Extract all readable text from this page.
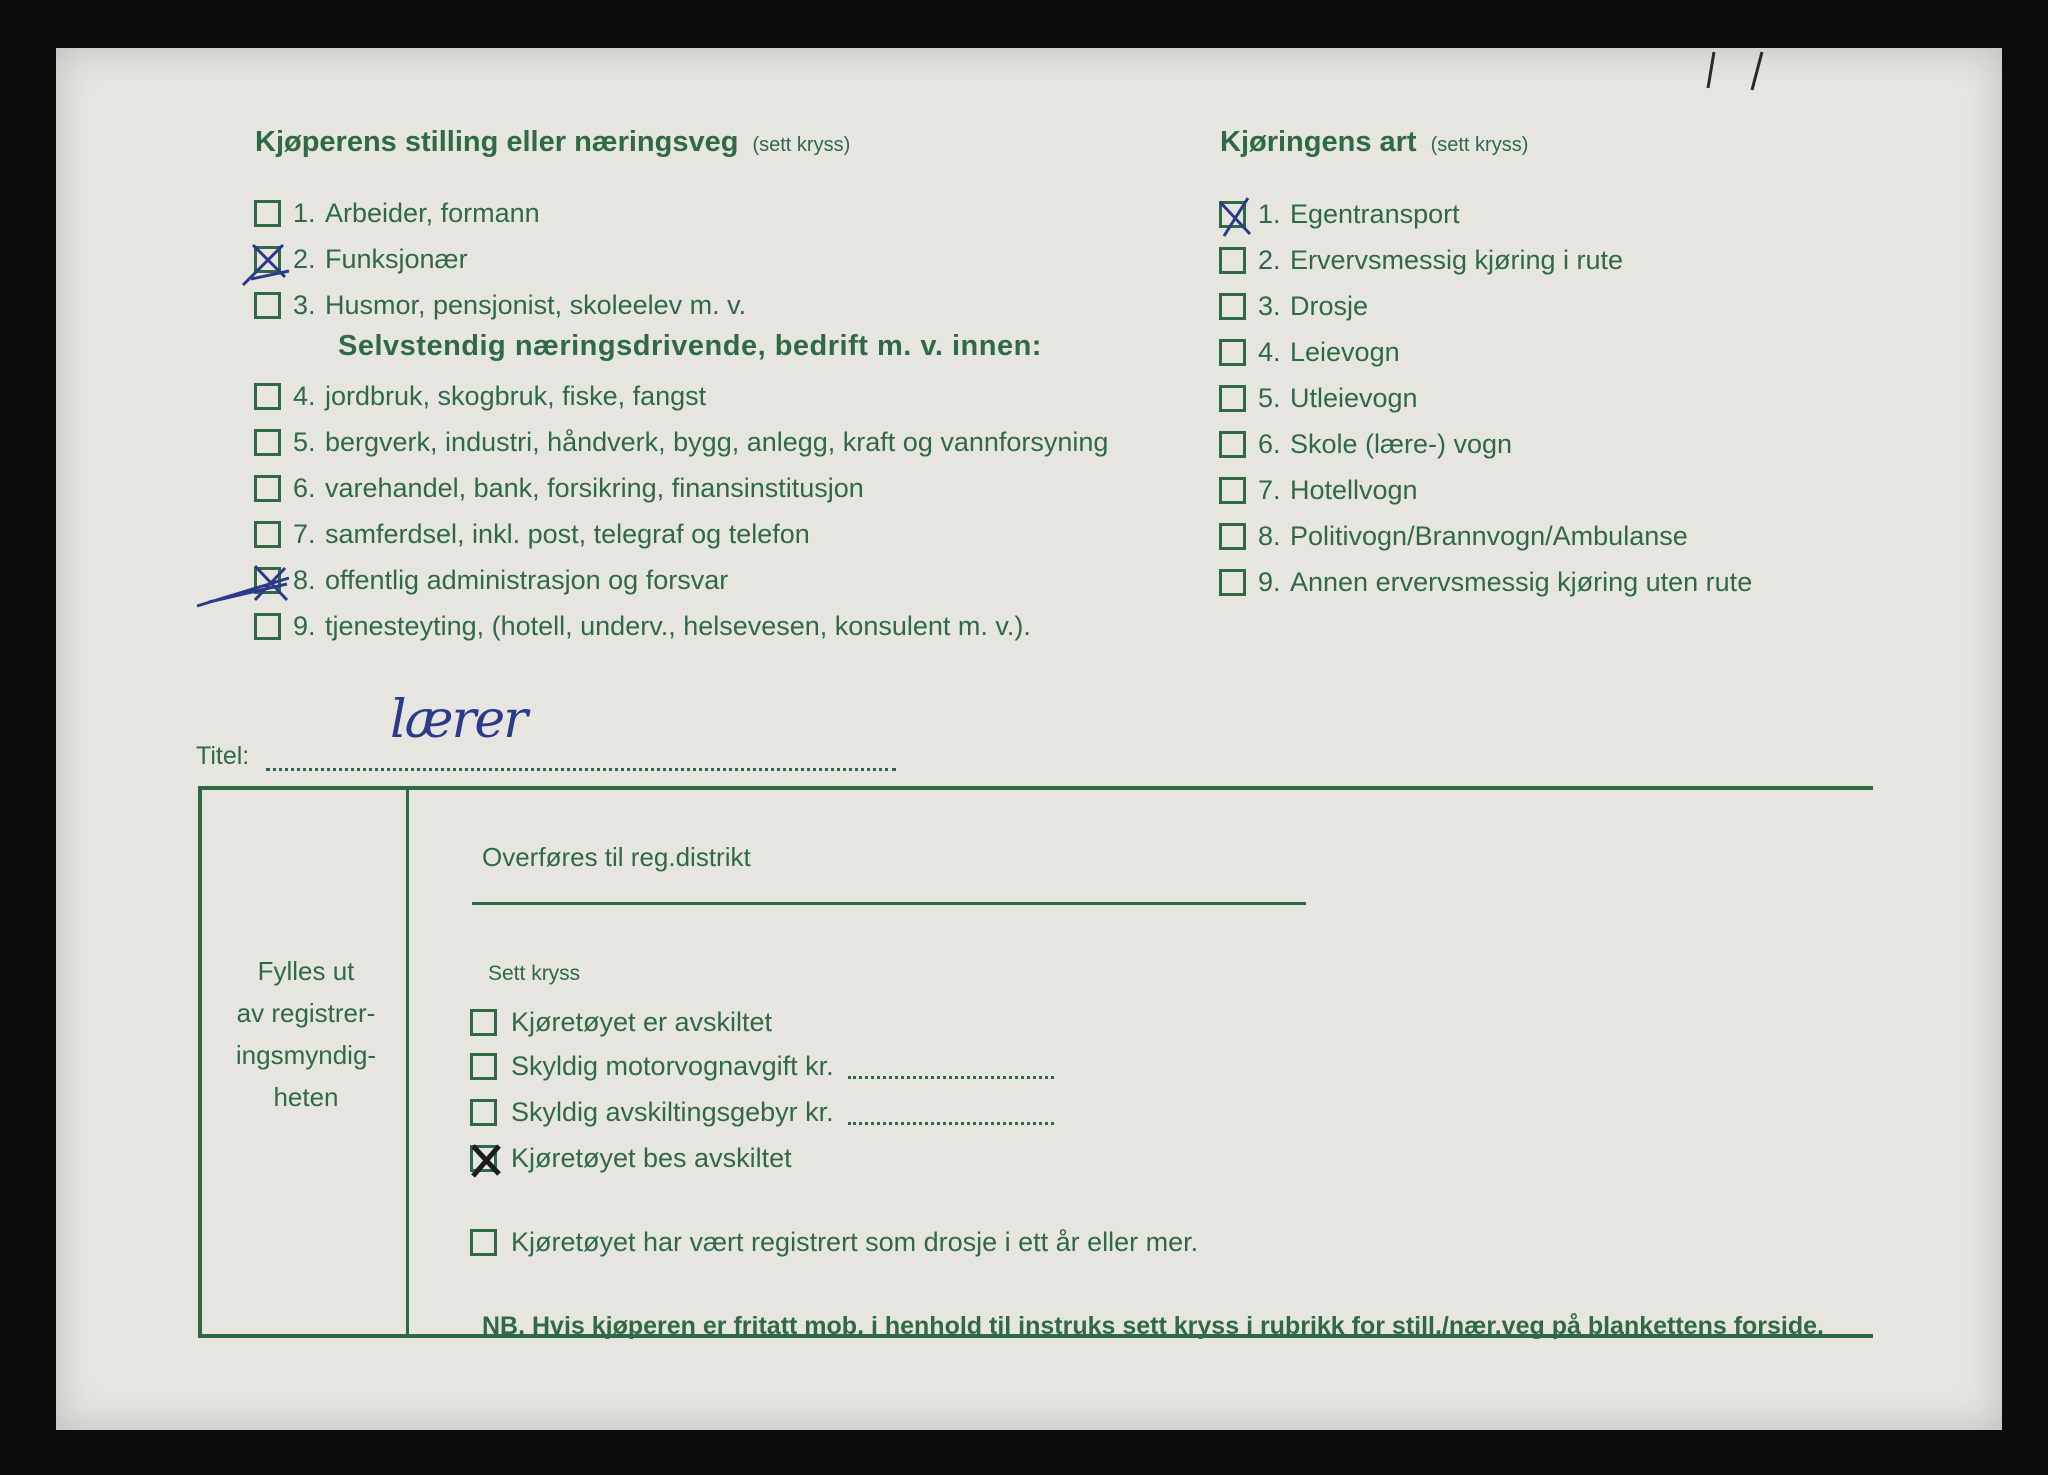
Kjøperens stilling eller næringsveg (sett kryss)
1. Arbeider, formann
2. Funksjonær
3. Husmor, pensjonist, skoleelev m. v.
Selvstendig næringsdrivende, bedrift m. v. innen:
4. jordbruk, skogbruk, fiske, fangst
5. bergverk, industri, håndverk, bygg, anlegg, kraft og vannforsyning
6. varehandel, bank, forsikring, finansinstitusjon
7. samferdsel, inkl. post, telegraf og telefon
8. offentlig administrasjon og forsvar
9. tjenesteyting, (hotell, underv., helsevesen, konsulent m. v.).
Kjøringens art (sett kryss)
1. Egentransport
2. Ervervsmessig kjøring i rute
3. Drosje
4. Leievogn
5. Utleievogn
6. Skole (lære-) vogn
7. Hotellvogn
8. Politivogn/Brannvogn/Ambulanse
9. Annen ervervsmessig kjøring uten rute
Titel:
lærer
Fylles ut
av registrer-
ingsmyndig-
heten
Overføres til reg.distrikt
Sett kryss
Kjøretøyet er avskiltet
Skyldig motorvognavgift kr.
Skyldig avskiltingsgebyr kr.
Kjøretøyet bes avskiltet
Kjøretøyet har vært registrert som drosje i ett år eller mer.
NB. Hvis kjøperen er fritatt mob. i henhold til instruks sett kryss i rubrikk for still./nær.veg på blankettens forside.
